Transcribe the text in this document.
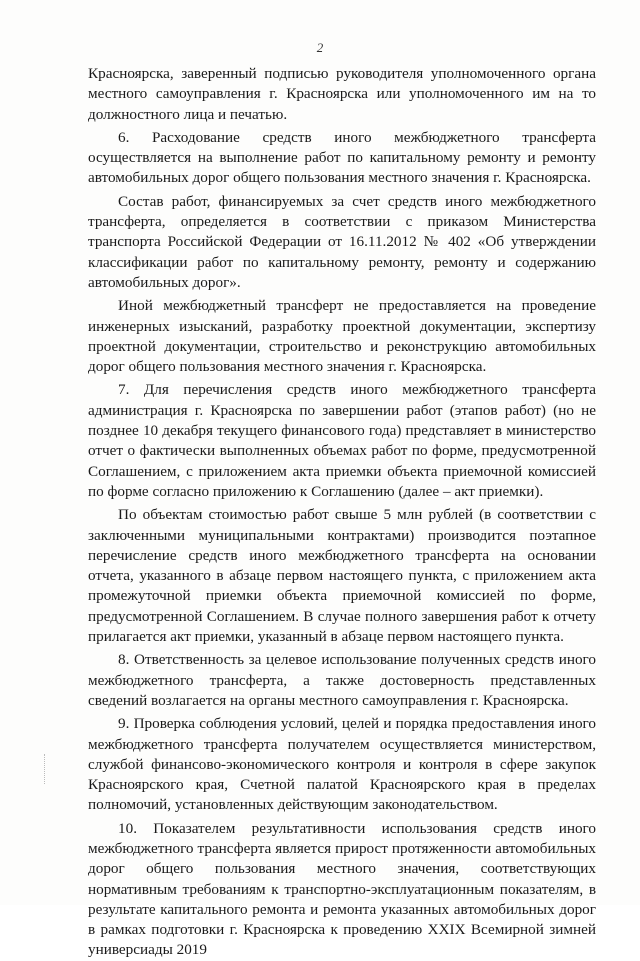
2

Красноярска, заверенный подписью руководителя уполномоченного органа местного самоуправления г. Красноярска или уполномоченного им на то должностного лица и печатью.

6. Расходование средств иного межбюджетного трансферта осуществляется на выполнение работ по капитальному ремонту и ремонту автомобильных дорог общего пользования местного значения г. Красноярска.

Состав работ, финансируемых за счет средств иного межбюджетного трансферта, определяется в соответствии с приказом Министерства транспорта Российской Федерации от 16.11.2012 № 402 «Об утверждении классификации работ по капитальному ремонту, ремонту и содержанию автомобильных дорог».

Иной межбюджетный трансферт не предоставляется на проведение инженерных изысканий, разработку проектной документации, экспертизу проектной документации, строительство и реконструкцию автомобильных дорог общего пользования местного значения г. Красноярска.

7. Для перечисления средств иного межбюджетного трансферта администрация г. Красноярска по завершении работ (этапов работ) (но не позднее 10 декабря текущего финансового года) представляет в министерство отчет о фактически выполненных объемах работ по форме, предусмотренной Соглашением, с приложением акта приемки объекта приемочной комиссией по форме согласно приложению к Соглашению (далее – акт приемки).

По объектам стоимостью работ свыше 5 млн рублей (в соответствии с заключенными муниципальными контрактами) производится поэтапное перечисление средств иного межбюджетного трансферта на основании отчета, указанного в абзаце первом настоящего пункта, с приложением акта промежуточной приемки объекта приемочной комиссией по форме, предусмотренной Соглашением. В случае полного завершения работ к отчету прилагается акт приемки, указанный в абзаце первом настоящего пункта.

8. Ответственность за целевое использование полученных средств иного межбюджетного трансферта, а также достоверность представленных сведений возлагается на органы местного самоуправления г. Красноярска.

9. Проверка соблюдения условий, целей и порядка предоставления иного межбюджетного трансферта получателем осуществляется министерством, службой финансово-экономического контроля и контроля в сфере закупок Красноярского края, Счетной палатой Красноярского края в пределах полномочий, установленных действующим законодательством.

10. Показателем результативности использования средств иного межбюджетного трансферта является прирост протяженности автомобильных дорог общего пользования местного значения, соответствующих нормативным требованиям к транспортно-эксплуатационным показателям, в результате капитального ремонта и ремонта указанных автомобильных дорог в рамках подготовки г. Красноярска к проведению XXIX Всемирной зимней универсиады 2019
